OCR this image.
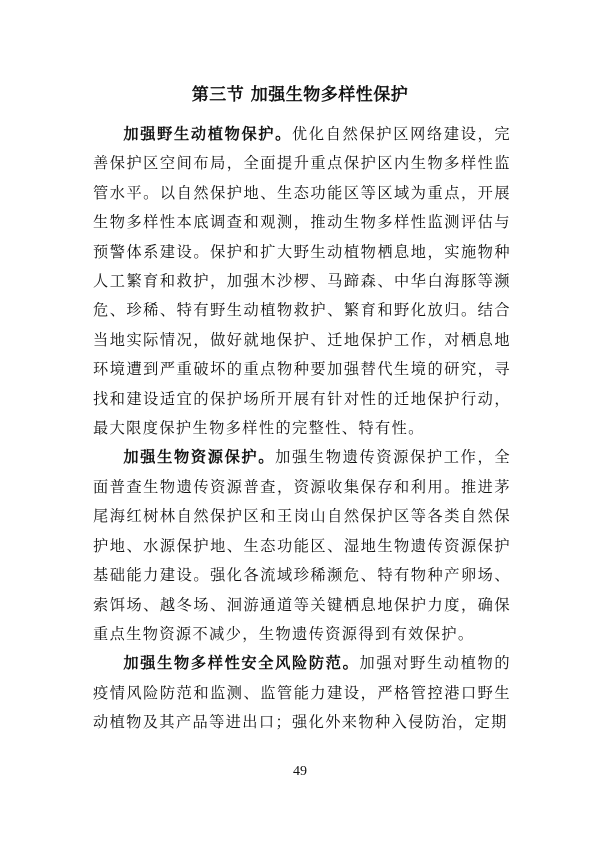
第三节 加强生物多样性保护

加强野生动植物保护。优化自然保护区网络建设，完善保护区空间布局，全面提升重点保护区内生物多样性监管水平。以自然保护地、生态功能区等区域为重点，开展生物多样性本底调查和观测，推动生物多样性监测评估与预警体系建设。保护和扩大野生动植物栖息地，实施物种人工繁育和救护，加强木沙椤、马蹄森、中华白海豚等濒危、珍稀、特有野生动植物救护、繁育和野化放归。结合当地实际情况，做好就地保护、迁地保护工作，对栖息地环境遭到严重破坏的重点物种要加强替代生境的研究，寻找和建设适宜的保护场所开展有针对性的迁地保护行动，最大限度保护生物多样性的完整性、特有性。

加强生物资源保护。加强生物遗传资源保护工作，全面普查生物遗传资源普查，资源收集保存和利用。推进茅尾海红树林自然保护区和王岗山自然保护区等各类自然保护地、水源保护地、生态功能区、湿地生物遗传资源保护基础能力建设。强化各流域珍稀濒危、特有物种产卵场、索饵场、越冬场、洄游通道等关键栖息地保护力度，确保重点生物资源不减少，生物遗传资源得到有效保护。

加强生物多样性安全风险防范。加强对野生动植物的疫情风险防范和监测、监管能力建设，严格管控港口野生动植物及其产品等进出口；强化外来物种入侵防治，定期

49
